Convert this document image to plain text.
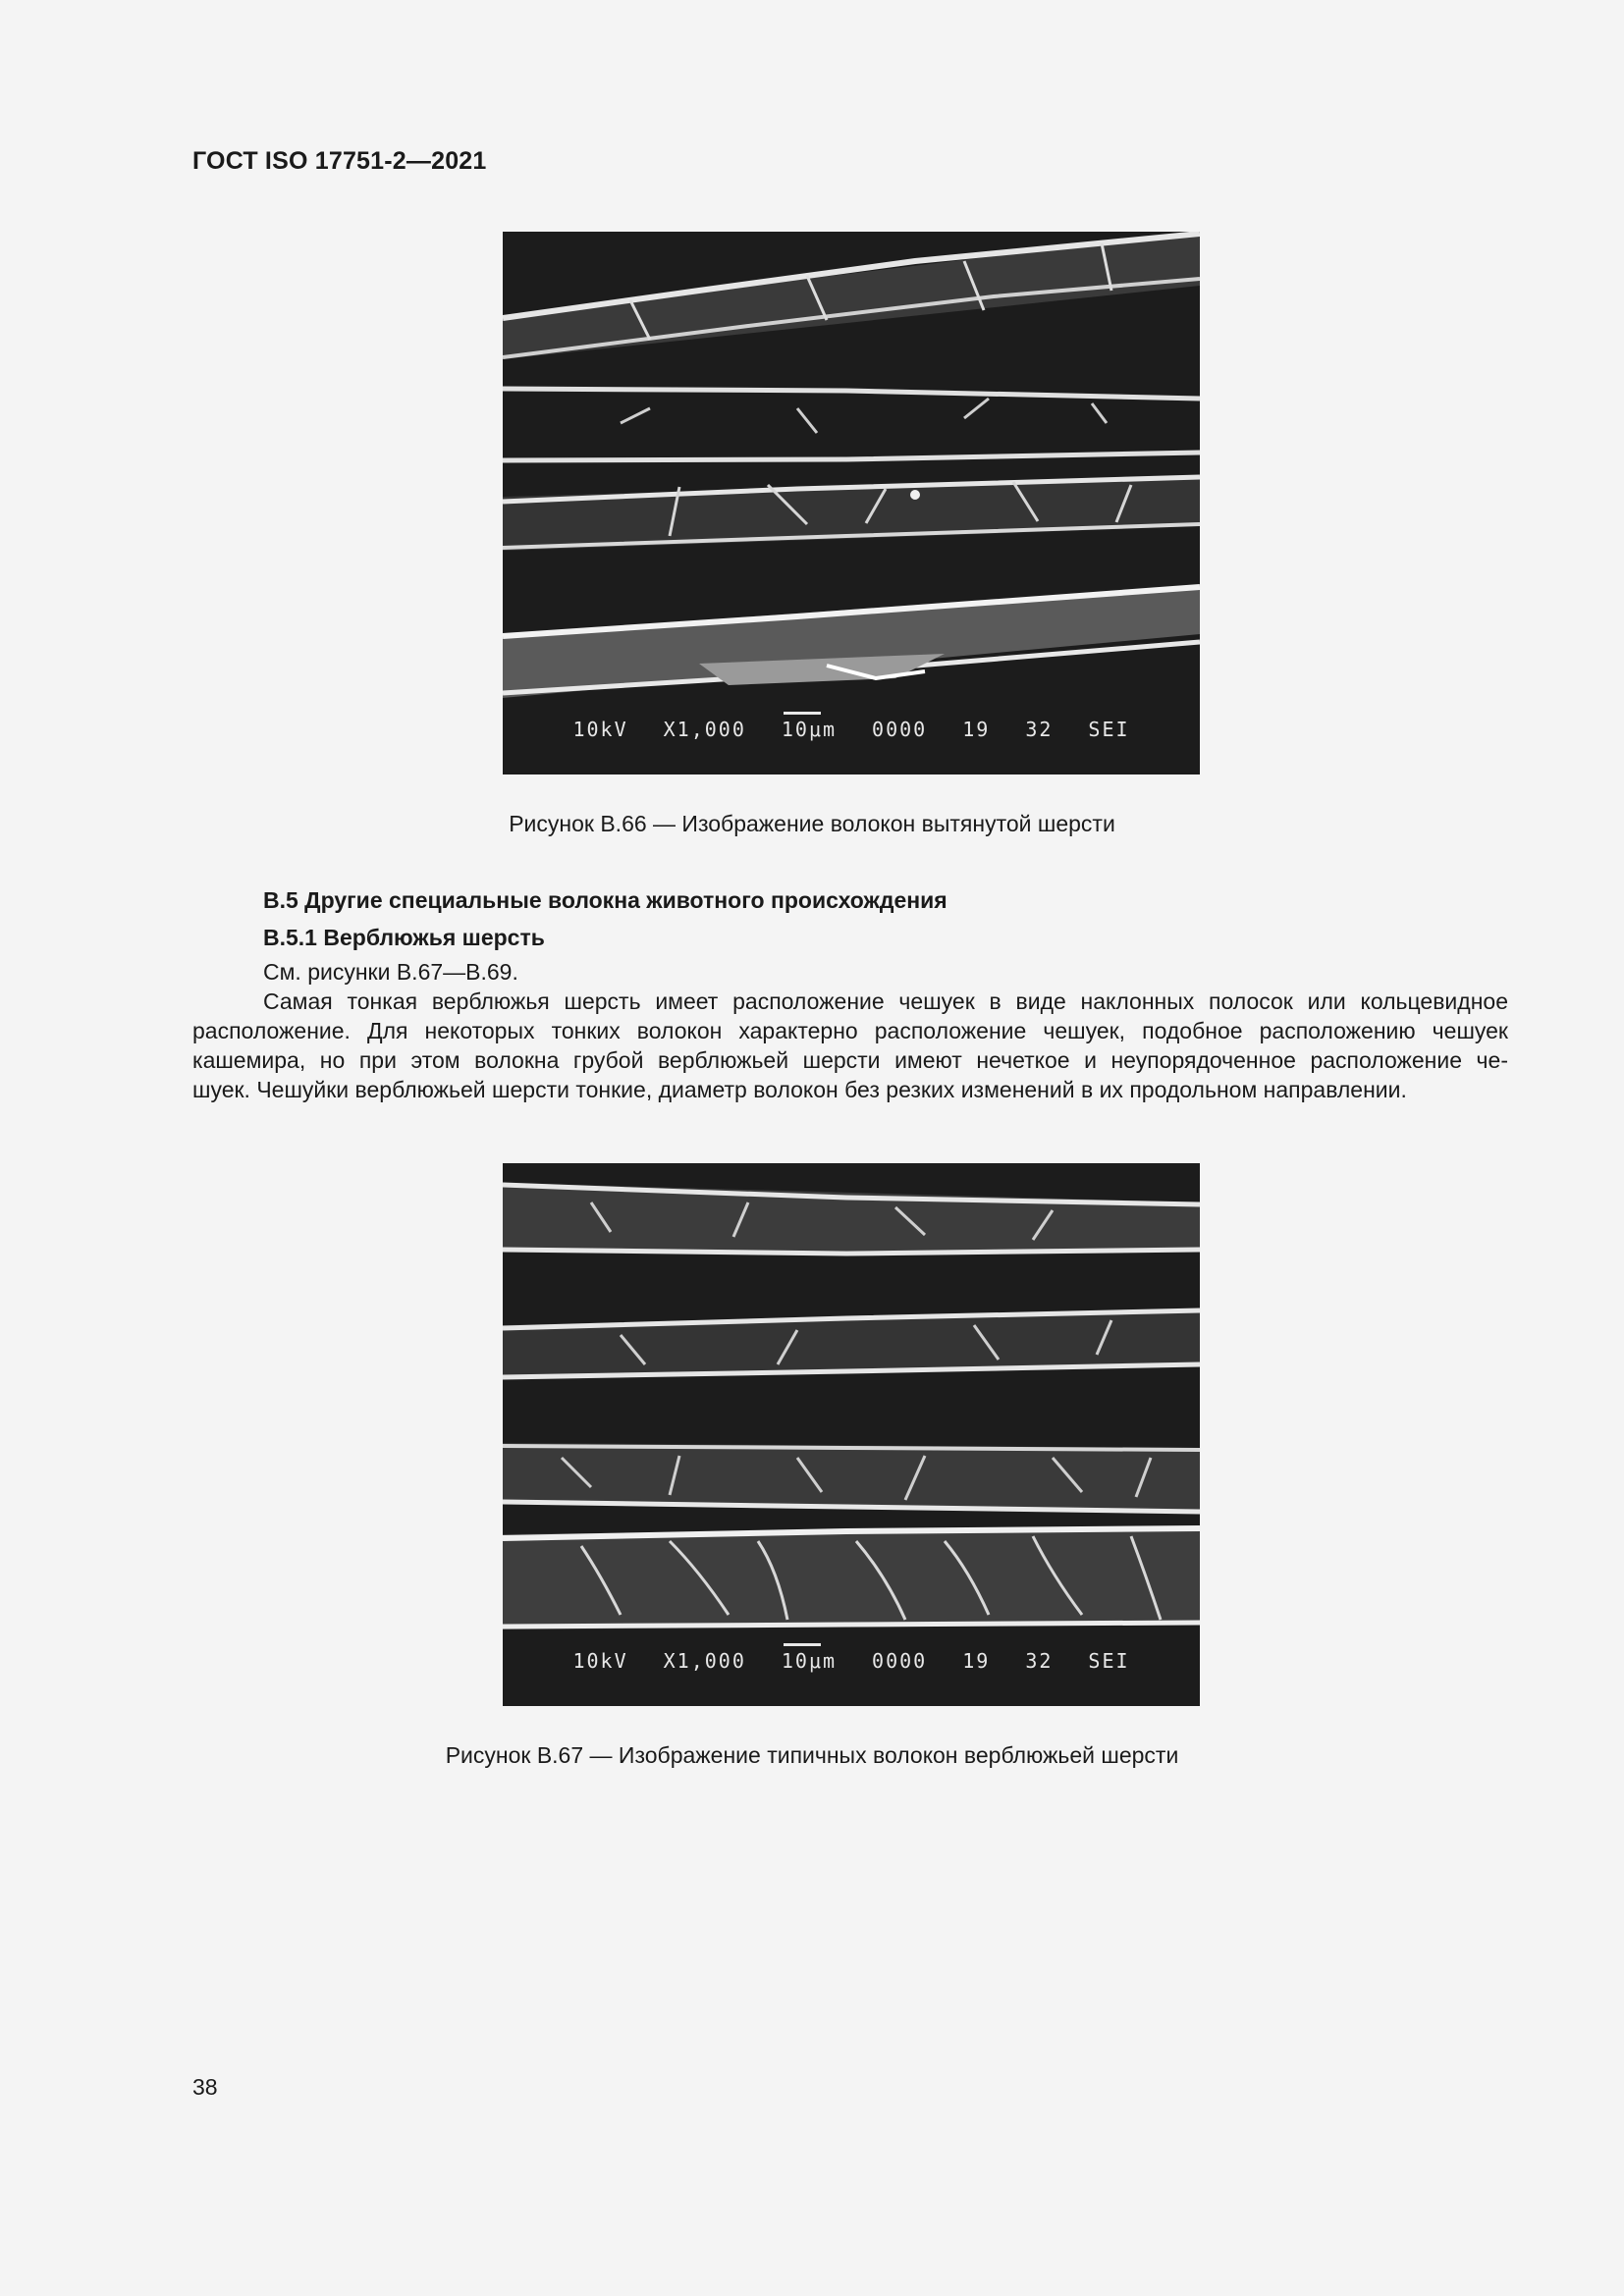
ГОСТ ISO 17751-2—2021
10kV X1,000 10μm 0000 19 32 SEI
Рисунок В.66 — Изображение волокон вытянутой шерсти
В.5 Другие специальные волокна животного происхождения
В.5.1 Верблюжья шерсть
См. рисунки В.67—В.69.
Самая тонкая верблюжья шерсть имеет расположение чешуек в виде наклонных полосок или кольцевидное
расположение. Для некоторых тонких волокон характерно расположение чешуек, подобное расположению чешуек
кашемира, но при этом волокна грубой верблюжьей шерсти имеют нечеткое и неупорядоченное расположение че-
шуек. Чешуйки верблюжьей шерсти тонкие, диаметр волокон без резких изменений в их продольном направлении.
10kV X1,000 10μm 0000 19 32 SEI
Рисунок В.67 — Изображение типичных волокон верблюжьей шерсти
38
